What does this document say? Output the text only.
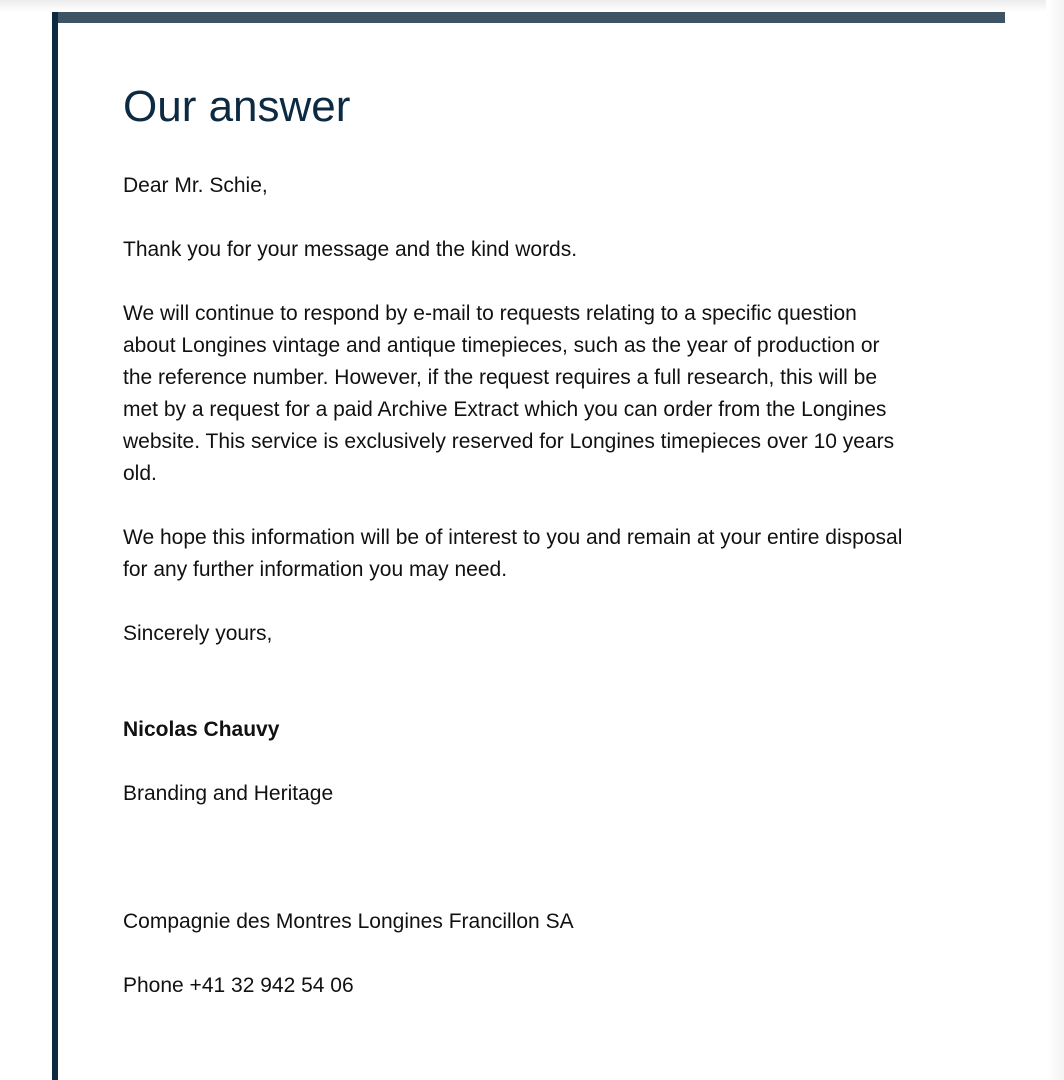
Our answer

Dear Mr. Schie,

Thank you for your message and the kind words.

We will continue to respond by e-mail to requests relating to a specific question
about Longines vintage and antique timepieces, such as the year of production or
the reference number. However, if the request requires a full research, this will be
met by a request for a paid Archive Extract which you can order from the Longines
website. This service is exclusively reserved for Longines timepieces over 10 years
old.

We hope this information will be of interest to you and remain at your entire disposal
for any further information you may need.

Sincerely yours,

Nicolas Chauvy

Branding and Heritage

Compagnie des Montres Longines Francillon SA

Phone +41 32 942 54 06
